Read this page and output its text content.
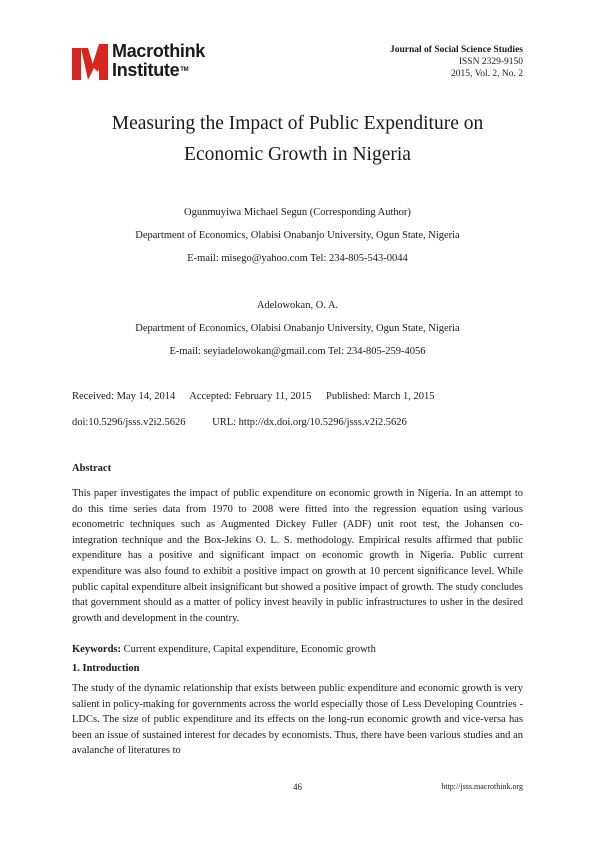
Macrothink
Institute™
Journal of Social Science Studies
ISSN 2329-9150
2015, Vol. 2, No. 2
Measuring the Impact of Public Expenditure on
Economic Growth in Nigeria
Ogunmuyiwa Michael Segun (Corresponding Author)
Department of Economics, Olabisi Onabanjo University, Ogun State, Nigeria
E-mail: misego@yahoo.com Tel: 234-805-543-0044
Adelowokan, O. A.
Department of Economics, Olabisi Onabanjo University, Ogun State, Nigeria
E-mail: seyiadelowokan@gmail.com Tel: 234-805-259-4056
Received: May 14, 2014 Accepted: February 11, 2015 Published: March 1, 2015
doi:10.5296/jsss.v2i2.5626	URL: http://dx.doi.org/10.5296/jsss.v2i2.5626
Abstract

This paper investigates the impact of public expenditure on economic growth in Nigeria. In an attempt to do this time series data from 1970 to 2008 were fitted into the regression equation using various econometric techniques such as Augmented Dickey Fuller (ADF) unit root test, the Johansen co-integration technique and the Box-Jekins O. L. S. methodology. Empirical results affirmed that public expenditure has a positive and significant impact on economic growth in Nigeria. Public current expenditure was also found to exhibit a positive impact on growth at 10 percent significance level. While public capital expenditure albeit insignificant but showed a positive impact of growth. The study concludes that government should as a matter of policy invest heavily in public infrastructures to usher in the desired growth and development in the country.

Keywords: Current expenditure, Capital expenditure, Economic growth
1. Introduction

The study of the dynamic relationship that exists between public expenditure and economic growth is very salient in policy-making for governments across the world especially those of Less Developing Countries -LDCs. The size of public expenditure and its effects on the long-run economic growth and vice-versa has been an issue of sustained interest for decades by economists. Thus, there have been various studies and an avalanche of literatures to

46	http://jsss.macrothink.org
